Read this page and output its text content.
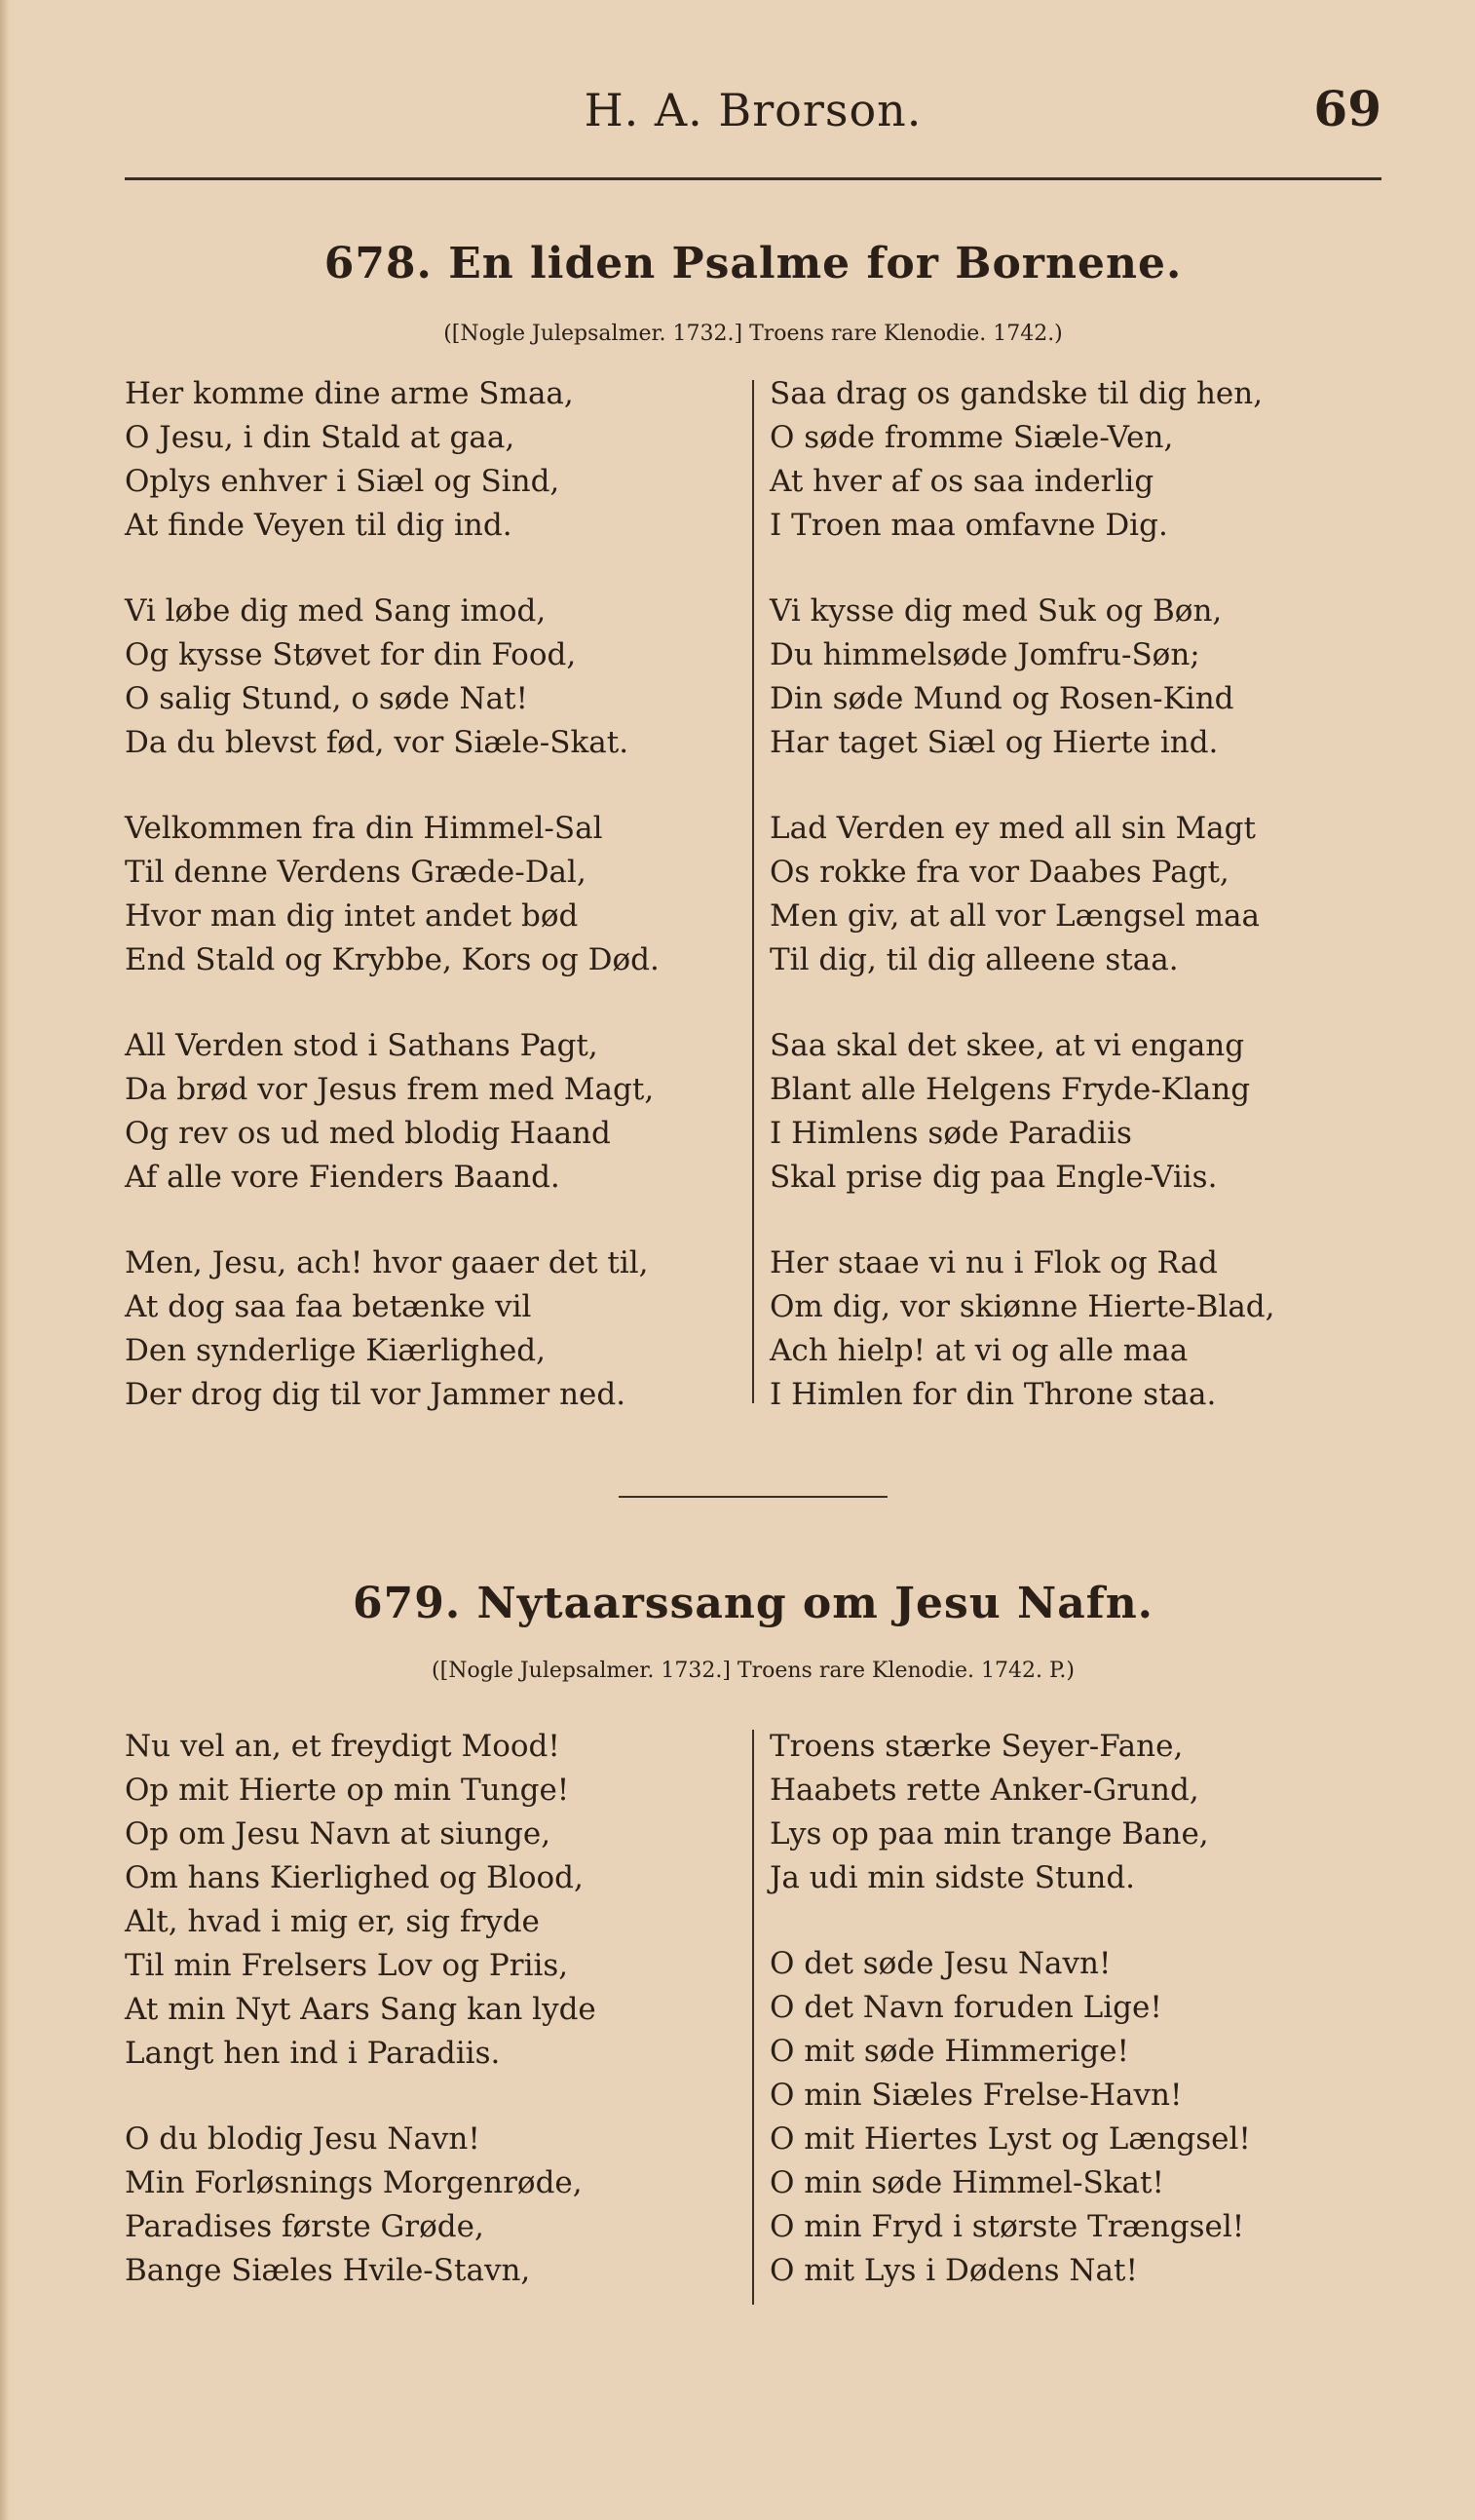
H. A. Brorson.	69
678. En liden Psalme for Bornene.
([Nogle Julepsalmer. 1732.] Troens rare Klenodie. 1742.)
Her komme dine arme Smaa,
O Jesu, i din Stald at gaa,
Oplys enhver i Siæl og Sind,
At finde Veyen til dig ind.
Vi løbe dig med Sang imod,
Og kysse Støvet for din Food,
O salig Stund, o søde Nat!
Da du blevst fød, vor Siæle-Skat.
Velkommen fra din Himmel-Sal
Til denne Verdens Græde-Dal,
Hvor man dig intet andet bød
End Stald og Krybbe, Kors og Død.
All Verden stod i Sathans Pagt,
Da brød vor Jesus frem med Magt,
Og rev os ud med blodig Haand
Af alle vore Fienders Baand.
Men, Jesu, ach! hvor gaaer det til,
At dog saa faa betænke vil
Den synderlige Kiærlighed,
Der drog dig til vor Jammer ned.
Saa drag os gandske til dig hen,
O søde fromme Siæle-Ven,
At hver af os saa inderlig
I Troen maa omfavne Dig.
Vi kysse dig med Suk og Bøn,
Du himmelsøde Jomfru-Søn;
Din søde Mund og Rosen-Kind
Har taget Siæl og Hierte ind.
Lad Verden ey med all sin Magt
Os rokke fra vor Daabes Pagt,
Men giv, at all vor Længsel maa
Til dig, til dig alleene staa.
Saa skal det skee, at vi engang
Blant alle Helgens Fryde-Klang
I Himlens søde Paradiis
Skal prise dig paa Engle-Viis.
Her staae vi nu i Flok og Rad
Om dig, vor skiønne Hierte-Blad,
Ach hielp! at vi og alle maa
I Himlen for din Throne staa.
679. Nytaarssang om Jesu Nafn.
([Nogle Julepsalmer. 1732.] Troens rare Klenodie. 1742. P.)
Nu vel an, et freydigt Mood!
Op mit Hierte op min Tunge!
Op om Jesu Navn at siunge,
Om hans Kierlighed og Blood,
Alt, hvad i mig er, sig fryde
Til min Frelsers Lov og Priis,
At min Nyt Aars Sang kan lyde
Langt hen ind i Paradiis.
O du blodig Jesu Navn!
Min Forløsnings Morgenrøde,
Paradises første Grøde,
Bange Siæles Hvile-Stavn,
Troens stærke Seyer-Fane,
Haabets rette Anker-Grund,
Lys op paa min trange Bane,
Ja udi min sidste Stund.
O det søde Jesu Navn!
O det Navn foruden Lige!
O mit søde Himmerige!
O min Siæles Frelse-Havn!
O mit Hiertes Lyst og Længsel!
O min søde Himmel-Skat!
O min Fryd i største Trængsel!
O mit Lys i Dødens Nat!
